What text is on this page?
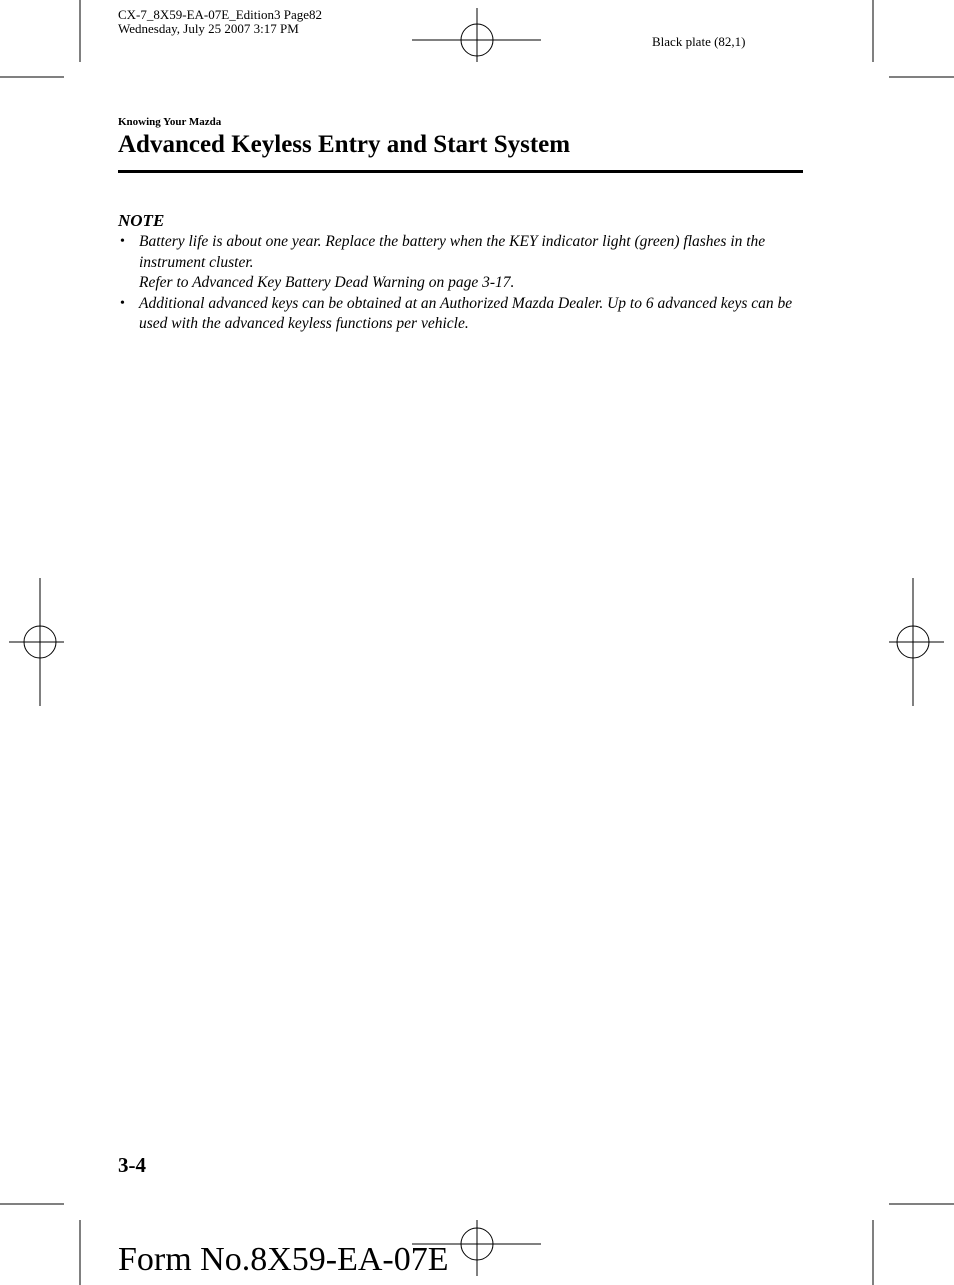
CX-7_8X59-EA-07E_Edition3 Page82
Wednesday, July 25 2007 3:17 PM
Black plate (82,1)
Knowing Your Mazda
Advanced Keyless Entry and Start System
NOTE
• Battery life is about one year. Replace the battery when the KEY indicator light (green) flashes in the instrument cluster.

Refer to Advanced Key Battery Dead Warning on page 3-17.

• Additional advanced keys can be obtained at an Authorized Mazda Dealer. Up to 6 advanced keys can be used with the advanced keyless functions per vehicle.

3-4
Form No.8X59-EA-07E
